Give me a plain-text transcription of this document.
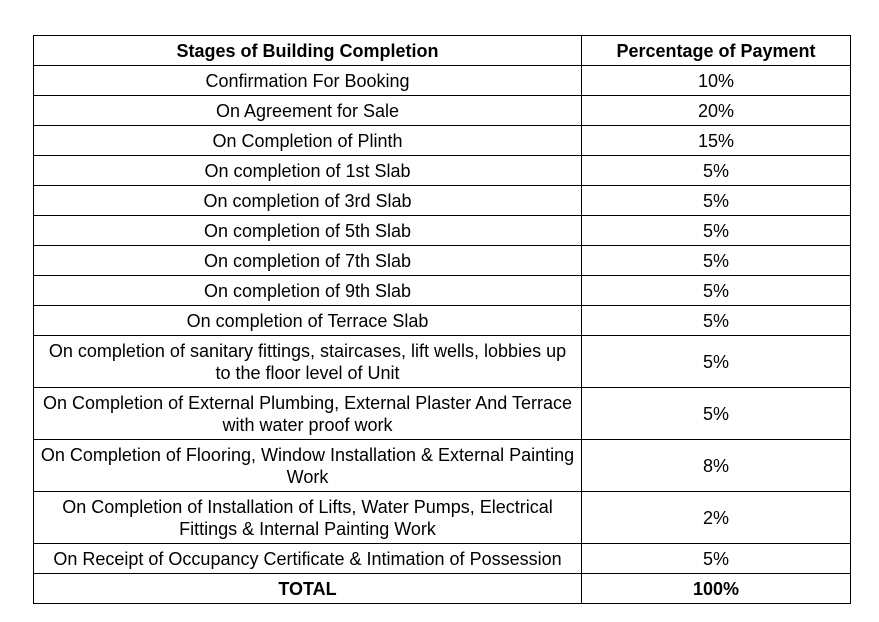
Stages of Building Completion	Percentage of Payment
Confirmation For Booking	10%
On Agreement for Sale	20%
On Completion of Plinth	15%
On completion of 1st Slab	5%
On completion of 3rd Slab	5%
On completion of 5th Slab	5%
On completion of 7th Slab	5%
On completion of 9th Slab	5%
On completion of Terrace Slab	5%
On completion of sanitary fittings, staircases, lift wells, lobbies up to the floor level of Unit	5%
On Completion of External Plumbing, External Plaster And Terrace with water proof work	5%
On Completion of Flooring, Window Installation & External Painting Work	8%
On Completion of Installation of Lifts, Water Pumps, Electrical Fittings & Internal Painting Work	2%
On Receipt of Occupancy Certificate & Intimation of Possession	5%
TOTAL	100%
